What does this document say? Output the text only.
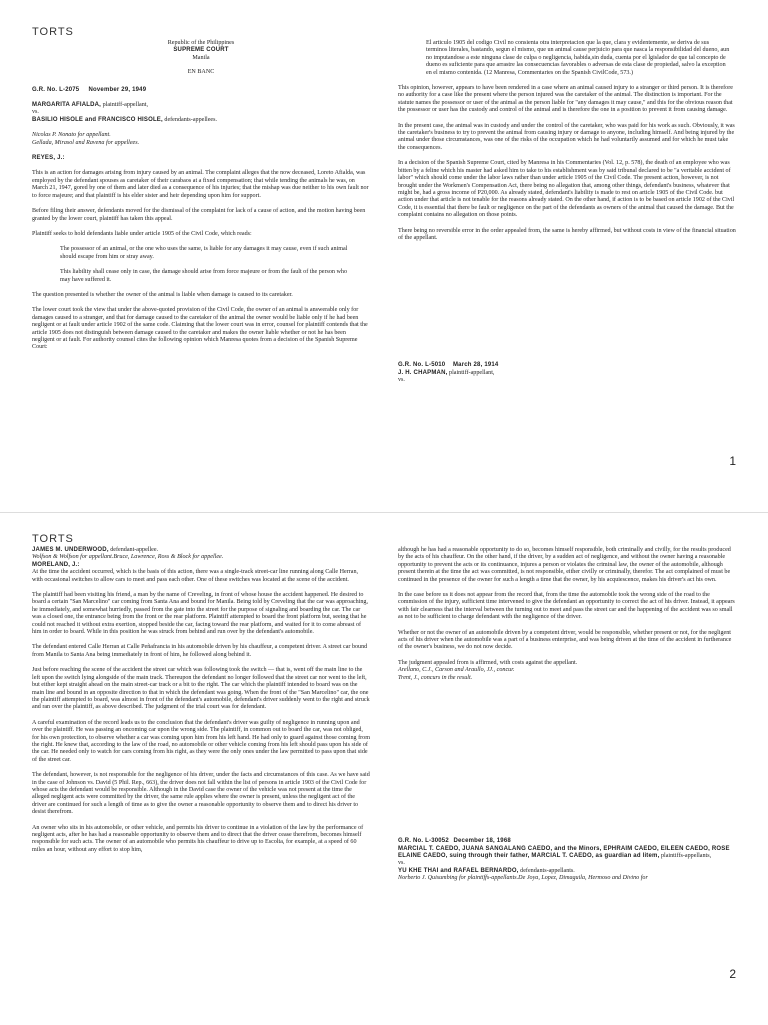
TORTS
Republic of the Philippines
SUPREME COURT
Manila
EN BANC

G.R. No. L-2075 November 29, 1949

MARGARITA AFIALDA, plaintiff-appellant,
vs.
BASILIO HISOLE and FRANCISCO HISOLE, defendants-appellees.
Nicolas P. Nonato for appellant.
Gellada, Mirasol and Ravena for appellees.

REYES, J.:

This is an action for damages arising from injury caused by an animal. The complaint alleges that the now deceased, Loreto Afialda, was employed by the defendant spouses as caretaker of their carabaos at a fixed compensation; that while tending the animals he was, on March 21, 1947, gored by one of them and later died as a consequence of his injuries; that the mishap was due neither to his own fault nor to force majeure; and that plaintiff is his elder sister and heir depending upon him for support.

Before filing their answer, defendants moved for the dismissal of the complaint for lack of a cause of action, and the motion having been granted by the lower court, plaintiff has taken this appeal.

Plaintiff seeks to hold defendants liable under article 1905 of the Civil Code, which reads:

The possessor of an animal, or the one who uses the same, is liable for any damages it may cause, even if such animal should escape from him or stray away.

This liability shall cease only in case, the damage should arise from force majeure or from the fault of the person who may have suffered it.

The question presented is whether the owner of the animal is liable when damage is caused to its caretaker.

The lower court took the view that under the above-quoted provision of the Civil Code, the owner of an animal is answerable only for damages caused to a stranger, and that for damage caused to the caretaker of the animal the owner would be liable only if he had been negligent or at fault under article 1902 of the same code. Claiming that the lower court was in error, counsel for plaintiff contends that the article 1905 does not distinguish between damage caused to the caretaker and makes the owner liable whether or not he has been negligent or at fault. For authority counsel cites the following opinion which Manresa quotes from a decision of the Spanish Supreme Court:

El articulo 1905 del codigo Civil no consienta otra interpretacion que la que, clara y evidentemente, se deriva de sus terminos literales, bastando, segun el mismo, que un animal cause perjuicio para que nasca la responsibilidad del dueno, aun no imputandose a este ninguna clase de culpa o negligencia, habida,sin duda, cuenta por el lgislador de que tal concepto de dueno es suficiente para que arrastre las consecuencias favorables o adversas de esta clase de propiedad, salvo la exception en el mismo contenida. (12 Manresa, Commentaries on the Spanish CivilCode, 573.)

This opinion, however, appears to have been rendered in a case where an animal caused injury to a stranger or third person. It is therefore no authority for a case like the present where the person injured was the caretaker of the animal. The distinction is important. For the statute names the possessor or user of the animal as the person liable for "any damages it may cause," and this for the obvious reason that the possessor or user has the custody and control of the animal and is therefore the one in a position to prevent it from causing damage.

In the present case, the animal was in custody and under the control of the caretaker, who was paid for his work as such. Obviously, it was the caretaker's business to try to prevent the animal from causing injury or damage to anyone, including himself. And being injured by the animal under those circumstances, was one of the risks of the occupation which he had voluntarily assumed and for which he must take the consequences.

In a decision of the Spanish Supreme Court, cited by Manresa in his Commentaries (Vol. 12, p. 578), the death of an employee who was bitten by a feline which his master had asked him to take to his establishment was by said tribunal declared to be "a veritable accident of labor" which should come under the labor laws rather than under article 1905 of the Civil Code. The present action, however, is not brought under the Workmen's Compensation Act, there being no allegation that, among other things, defendant's business, whatever that might be, had a gross income of P20,000. As already stated, defendant's liability is made to rest on article 1905 of the Civil Code. but action under that article is not tenable for the reasons already stated. On the other hand, if action is to be based on article 1902 of the Civil Code, it is essential that there be fault or negligence on the part of the defendants as owners of the animal that caused the damage. But the complaint contains no allegation on those points.

There being no reversible error in the order appealed from, the same is hereby affirmed, but without costs in view of the financial situation of the appellant.

G.R. No. L-5010 March 28, 1914
J. H. CHAPMAN, plaintiff-appellant,
vs.
1
TORTS
JAMES M. UNDERWOOD, defendant-appellee.
Wolfson & Wolfson for appellant.Bruce, Lawrence, Ross & Block for appellee.
MORELAND, J.:

At the time the accident occurred, which is the basis of this action, there was a single-track street-car line running along Calle Herran, with occasional switches to allow cars to meet and pass each other. One of these switches was located at the scene of the accident.

The plaintiff had been visiting his friend, a man by the name of Creveling, in front of whose house the accident happened. He desired to board a certain "San Marcelino" car coming from Santa Ana and bound for Manila. Being told by Creveling that the car was approaching, he immediately, and somewhat hurriedly, passed from the gate into the street for the purpose of signaling and boarding the car. The car was a closed one, the entrance being from the front or the rear platform. Plaintiff attempted to board the front platform but, seeing that he could not reached it without extra exertion, stopped beside the car, facing toward the rear platform, and waited for it to come abreast of him in order to board. While in this position he was struck from behind and run over by the defendant's automobile.

The defendant entered Calle Herran at Calle Peñafrancia in his automobile driven by his chauffeur, a competent driver. A street car bound from Manila to Santa Ana being immediately in front of him, he followed along behind it.

Just before reaching the scene of the accident the street car which was following took the switch — that is, went off the main line to the left upon the switch lying alongside of the main track. Thereupon the defendant no longer followed that the street car nor went to the left, but either kept straight ahead on the main street-car track or a bit to the right. The car which the plaintiff intended to board was on the main line and bound in an opposite direction to that in which the defendant was going. When the front of the "San Marcelino" car, the one the plaintiff attempted to board, was almost in front of the defendant's automobile, defendant's driver suddenly went to the right and struck and ran over the plaintiff, as above described. The judgment of the trial court was for defendant.

A careful examination of the record leads us to the conclusion that the defendant's driver was guilty of negligence in running upon and over the plaintiff. He was passing an oncoming car upon the wrong side. The plaintiff, in common out to board the car, was not obliged, for his own protection, to observe whether a car was coming upon him from his left hand. He had only to guard against those coming from the right. He knew that, according to the law of the road, no automobile or other vehicle coming from his left should pass upon his side of the car. He needed only to watch for cars coming from his right, as they were the only ones under the law permitted to pass upon that side of the street car.

The defendant, however, is not responsible for the negligence of his driver, under the facts and circumstances of this case. As we have said in the case of Johnson vs. David (5 Phil. Rep., 663), the driver does not fall within the list of persons in article 1903 of the Civil Code for whose acts the defendant would be responsible. Although in the David case the owner of the vehicle was not present at the time the alleged negligent acts were committed by the driver, the same rule applies where the owner is present, unless the negligent act of the driver are continued for such a length of time as to give the owner a reasonable opportunity to observe them and to direct his driver to desist therefrom.

An owner who sits in his automobile, or other vehicle, and permits his driver to continue in a violation of the law by the performance of negligent acts, after he has had a reasonable opportunity to observe them and to direct that the driver cease therefrom, becomes himself responsible for such acts. The owner of an automobile who permits his chauffeur to drive up to Escolta, for example, at a speed of 60 miles an hour, without any effort to stop him,

although he has had a reasonable opportunity to do so, becomes himself responsible, both criminally and civilly, for the results produced by the acts of his chauffeur. On the other hand, if the driver, by a sudden act of negligence, and without the owner having a reasonable opportunity to prevent the acts or its continuance, injures a person or violates the criminal law, the owner of the automobile, although present therein at the time the act was committed, is not responsible, either civilly or criminally, therefor. The act complained of must be continued in the presence of the owner for such a length a time that the owner, by his acquiescence, makes his driver's act his own.

In the case before us it does not appear from the record that, from the time the automobile took the wrong side of the road to the commission of the injury, sufficient time intervened to give the defendant an opportunity to correct the act of his driver. Instead, it appears with fair clearness that the interval between the turning out to meet and pass the street car and the happening of the accident was so small as not to be sufficient to charge defendant with the negligence of the driver.

Whether or not the owner of an automobile driven by a competent driver, would be responsible, whether present or not, for the negligent acts of his driver when the automobile was a part of a business enterprise, and was being driven at the time of the accident in furtherance of the owner's business, we do not now decide.

The judgment appealed from is affirmed, with costs against the appellant.
Arellano, C.J., Carson and Araullo, JJ., concur.
Trent, J., concurs in the result.
G.R. No. L-30052 December 18, 1968
MARCIAL T. CAEDO, JUANA SANGALANG CAEDO, and the Minors, EPHRAIM CAEDO, EILEEN CAEDO, ROSE ELAINE CAEDO, suing through their father, MARCIAL T. CAEDO, as guardian ad litem, plaintiffs-appellants,
vs.
YU KHE THAI and RAFAEL BERNARDO, defendants-appellants.
Norberto J. Quisumbing for plaintiffs-appellants.De Joya, Lopez, Dimaguila, Hermoso and Divino for
2
